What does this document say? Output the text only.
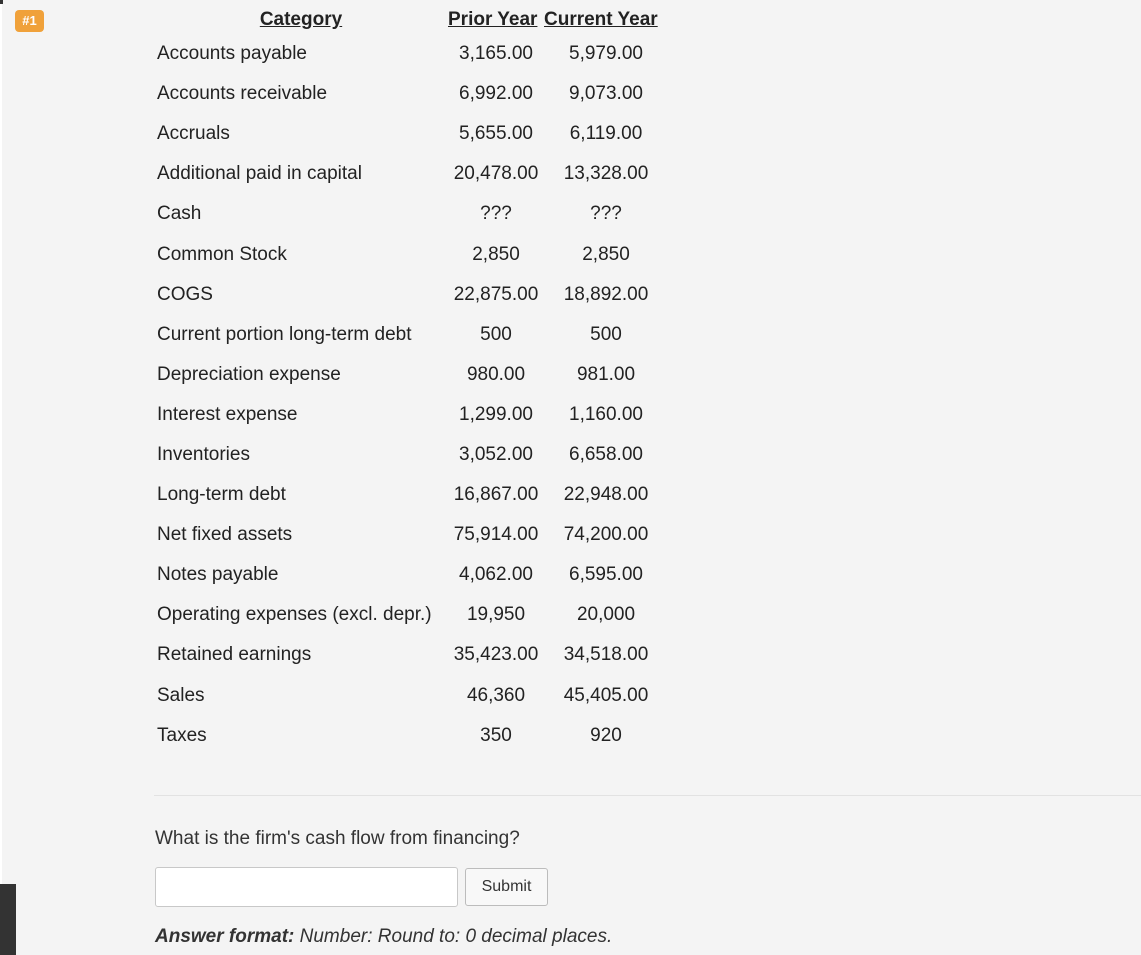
#1	Category	Prior Year	Current Year
Accounts payable	3,165.00	5,979.00
Accounts receivable	6,992.00	9,073.00
Accruals	5,655.00	6,119.00
Additional paid in capital	20,478.00	13,328.00
Cash	???	???
Common Stock	2,850	2,850
COGS	22,875.00	18,892.00
Current portion long-term debt	500	500
Depreciation expense	980.00	981.00
Interest expense	1,299.00	1,160.00
Inventories	3,052.00	6,658.00
Long-term debt	16,867.00	22,948.00
Net fixed assets	75,914.00	74,200.00
Notes payable	4,062.00	6,595.00
Operating expenses (excl. depr.)	19,950	20,000
Retained earnings	35,423.00	34,518.00
Sales	46,360	45,405.00
Taxes	350	920
What is the firm's cash flow from financing?
Submit
Answer format: Number: Round to: 0 decimal places.
